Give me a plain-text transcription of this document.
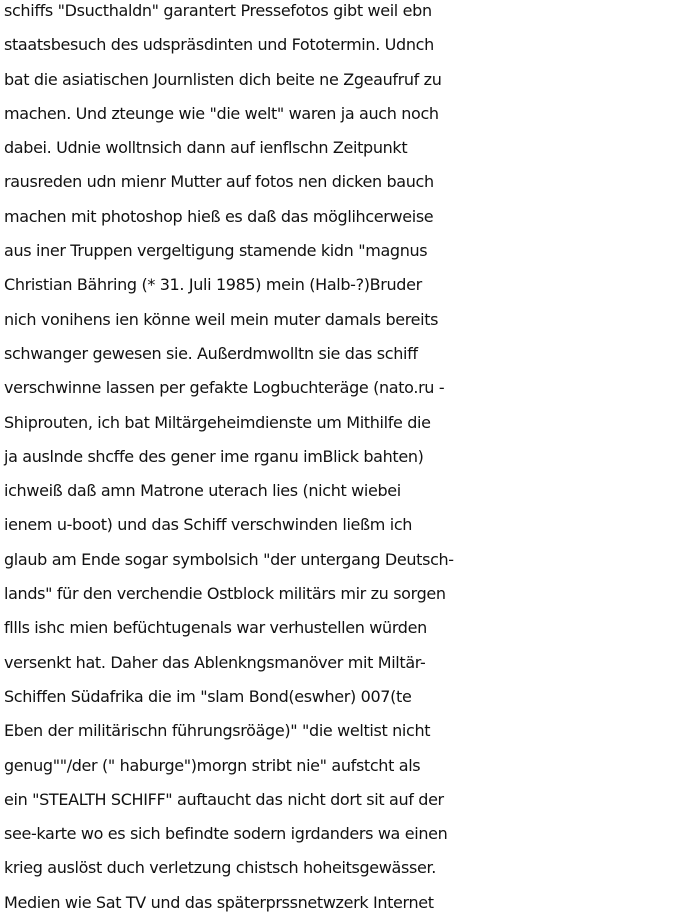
schiffs "Dsucthaldn" garantert Pressefotos gibt weil ebn
staatsbesuch des udspräsdinten und Fototermin. Udnch
bat die asiatischen Journlisten dich beite ne Zgeaufruf zu
machen. Und zteunge wie "die welt" waren ja auch noch
dabei. Udnie wolltnsich dann auf ienflschn Zeitpunkt
rausreden udn mienr Mutter auf fotos nen dicken bauch
machen mit photoshop hieß es daß das möglihcerweise
aus iner Truppen vergeltigung stamende kidn "magnus
Christian Bähring (* 31. Juli 1985) mein (Halb-?)Bruder
nich vonihens ien könne weil mein muter damals bereits
schwanger gewesen sie. Außerdmwolltn sie das schiff
verschwinne lassen per gefakte Logbuchteräge (nato.ru -
Shiprouten, ich bat Miltärgeheimdienste um Mithilfe die
ja auslnde shcffe des gener ime rganu imBlick bahten)
ichweiß daß amn Matrone uterach lies (nicht wiebei
ienem u-boot) und das Schiff verschwinden ließm ich
glaub am Ende sogar symbolsich "der untergang Deutsch-
lands" für den verchendie Ostblock militärs mir zu sorgen
fllls ishc mien befüchtugenals war verhustellen würden
versenkt hat. Daher das Ablenkngsmanöver mit Miltär-
Schiffen Südafrika die im "slam Bond(eswher) 007(te
Eben der militärischn führungsröäge)" "die weltist nicht
genug""/der (" haburge")morgn stribt nie" aufstcht als
ein "STEALTH SCHIFF" auftaucht das nicht dort sit auf der
see-karte wo es sich befindte sodern igrdanders wa einen
krieg auslöst duch verletzung chistsch hoheitsgewässer.
Medien wie Sat TV und das späterprssnetwzerk Internet
